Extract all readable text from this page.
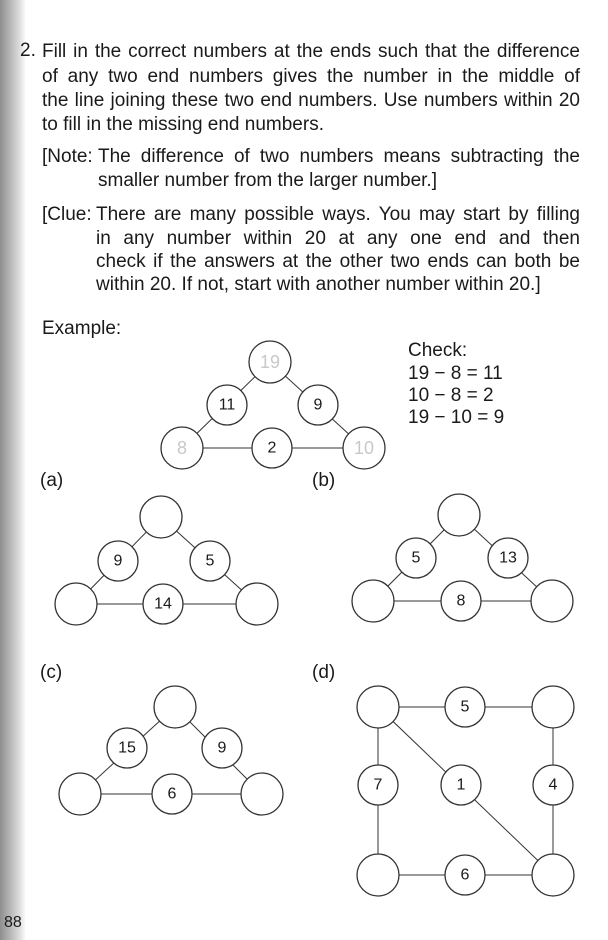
2. Fill in the correct numbers at the ends such that the difference
of any two end numbers gives the number in the middle of
the line joining these two end numbers. Use numbers within 20
to fill in the missing end numbers.
[Note: The difference of two numbers means subtracting the
smaller number from the larger number.]
[Clue: There are many possible ways. You may start by filling
in any number within 20 at any one end and then
check if the answers at the other two ends can both be
within 20. If not, start with another number within 20.]
Example:
Check:
19 − 8 = 11
10 − 8 = 2
19 − 10 = 9
(a)	(b)
(c)	(d)
19
8	10
11	9
2
9	5
14
5	13
8
15	9
6
5
7	1	4
6
88
